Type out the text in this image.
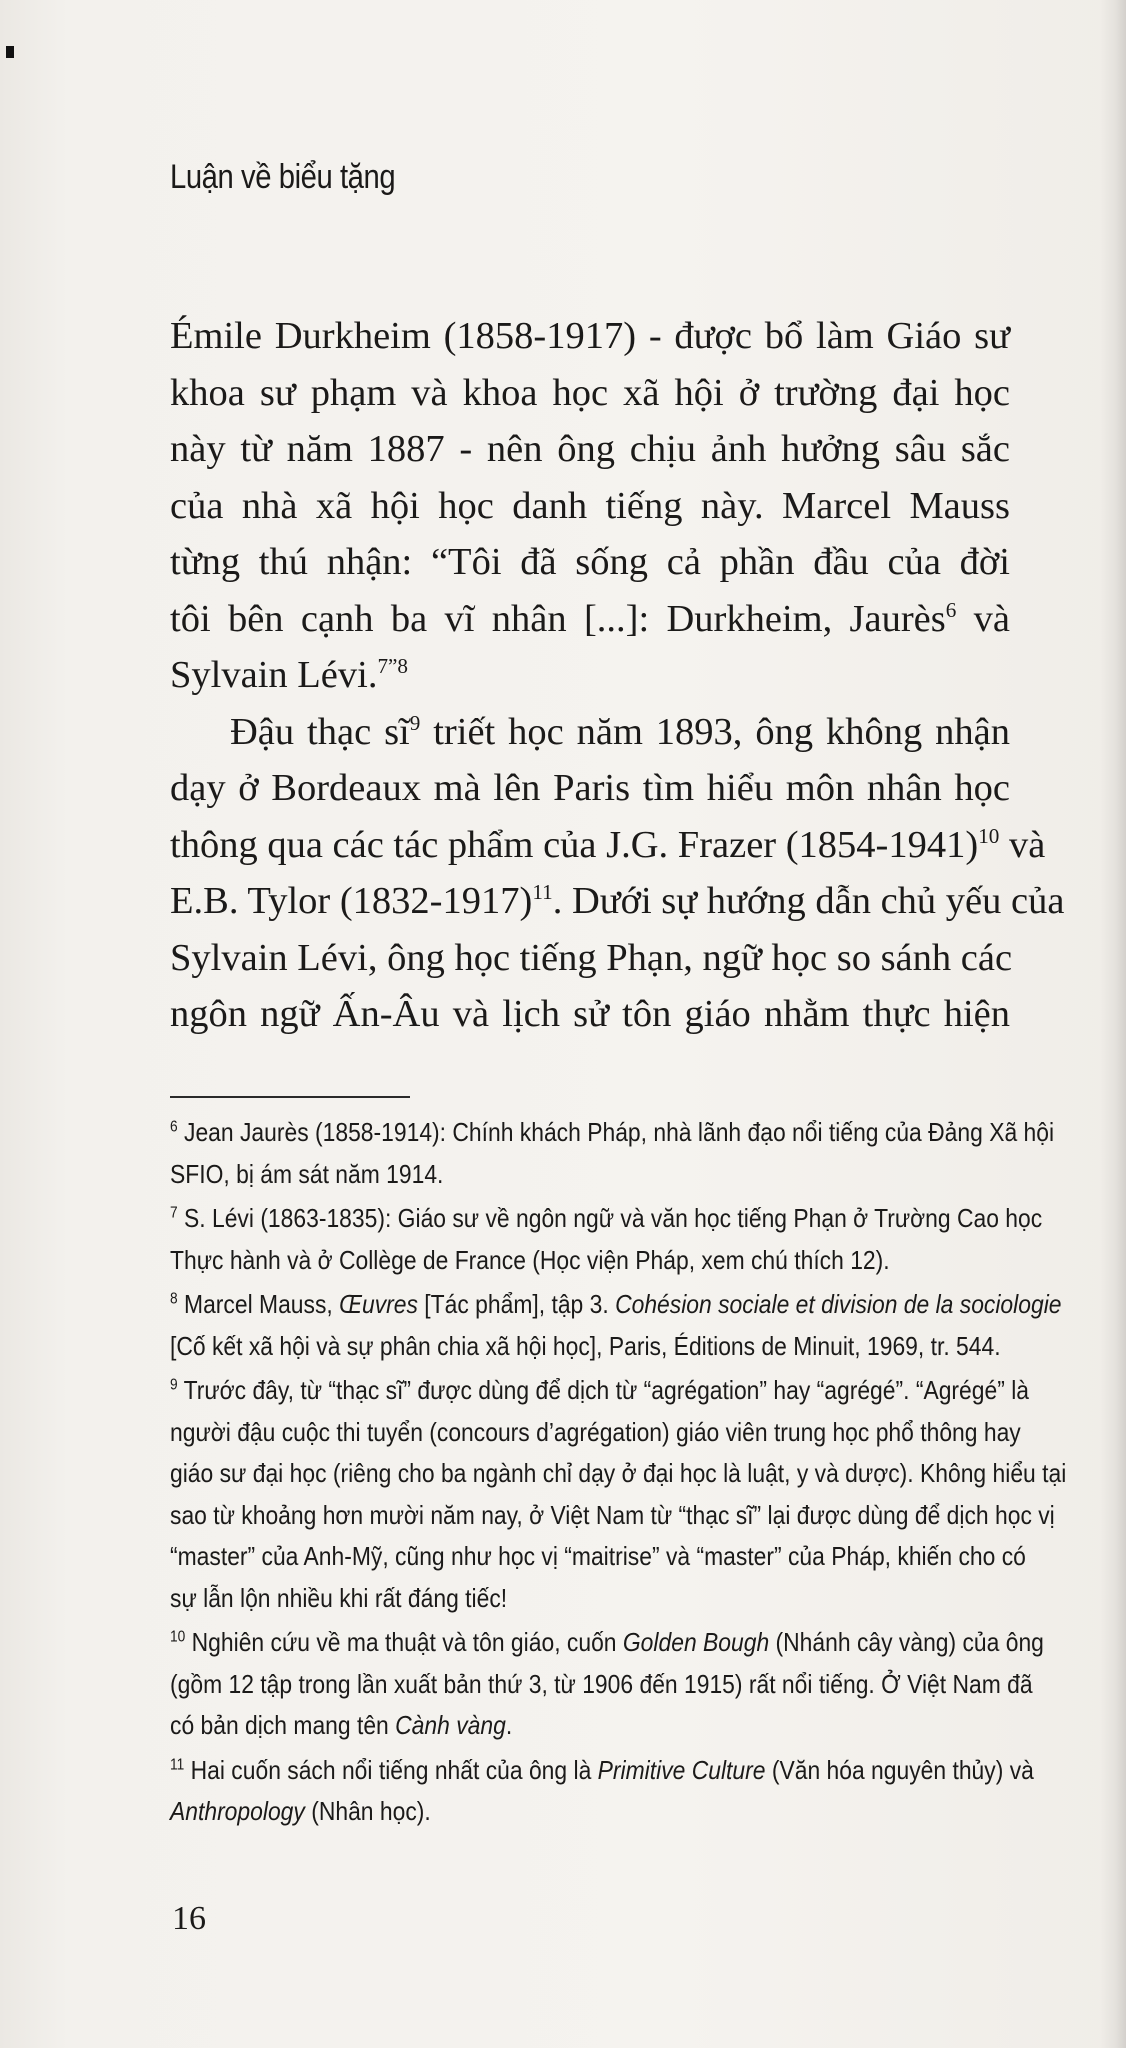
Luận về biểu tặng

Émile Durkheim (1858-1917) - được bổ làm Giáo sư
khoa sư phạm và khoa học xã hội ở trường đại học
này từ năm 1887 - nên ông chịu ảnh hưởng sâu sắc
của nhà xã hội học danh tiếng này. Marcel Mauss
từng thú nhận: “Tôi đã sống cả phần đầu của đời
tôi bên cạnh ba vĩ nhân [...]: Durkheim, Jaurès$^6$ và
Sylvain Lévi.$^{7”8}$

Đậu thạc $sĩ^9$ triết học năm 1893, ông không nhận
dạy ở Bordeaux mà lên Paris tìm hiểu môn nhân học
thông qua các tác phẩm của J.G. Frazer (1854-1941)$^{10}$ và
E.B. Tylor (1832-1917)$^{11}$. Dưới sự hướng dẫn chủ yếu của
Sylvain Lévi, ông học tiếng Phạn, ngữ học so sánh các
ngôn ngữ Ấn-Âu và lịch sử tôn giáo nhằm thực hiện

$^6$ Jean Jaurès (1858-1914): Chính khách Pháp, nhà lãnh đạo nổi tiếng của Đảng Xã hội
SFIO, bị ám sát năm 1914.
$^7$ S. Lévi (1863-1835): Giáo sư về ngôn ngữ và văn học tiếng Phạn ở Trường Cao học
Thực hành và ở Collège de France (Học viện Pháp, xem chú thích 12).
$^8$ Marcel Mauss, Œuvres [Tác phẩm], tập 3. Cohésion sociale et division de la sociologie
[Cố kết xã hội và sự phân chia xã hội học], Paris, Éditions de Minuit, 1969, tr. 544.
$^9$ Trước đây, từ “thạc sĩ” được dùng để dịch từ “agrégation” hay “agrégé”. “Agrégé” là
người đậu cuộc thi tuyển (concours d’agrégation) giáo viên trung học phổ thông hay
giáo sư đại học (riêng cho ba ngành chỉ dạy ở đại học là luật, y và dược). Không hiểu tại
sao từ khoảng hơn mười năm nay, ở Việt Nam từ “thạc sĩ” lại được dùng để dịch học vị
“master” của Anh-Mỹ, cũng như học vị “maitrise” và “master” của Pháp, khiến cho có
sự lẫn lộn nhiều khi rất đáng tiếc!
$^{10}$ Nghiên cứu về ma thuật và tôn giáo, cuốn Golden Bough (Nhánh cây vàng) của ông
(gồm 12 tập trong lần xuất bản thứ 3, từ 1906 đến 1915) rất nổi tiếng. Ở Việt Nam đã
có bản dịch mang tên Cành vàng.
$^{11}$ Hai cuốn sách nổi tiếng nhất của ông là Primitive Culture (Văn hóa nguyên thủy) và
Anthropology (Nhân học).
16
